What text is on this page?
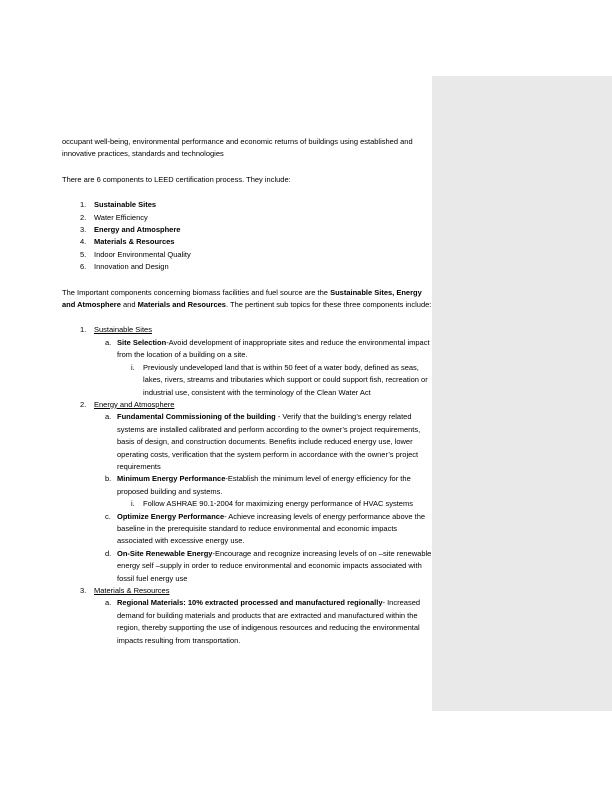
occupant well-being, environmental performance and economic returns of buildings using established and innovative practices, standards and technologies

There are 6 components to LEED certification process. They include:

1. Sustainable Sites
2. Water Efficiency
3. Energy and Atmosphere
4. Materials & Resources
5. Indoor Environmental Quality
6. Innovation and Design

The Important components concerning biomass facilities and fuel source are the Sustainable Sites, Energy and Atmosphere and Materials and Resources. The pertinent sub topics for these three components include:

1. Sustainable Sites
a. Site Selection-Avoid development of inappropriate sites and reduce the environmental impact from the location of a building on a site.
i. Previously undeveloped land that is within 50 feet of a water body, defined as seas, lakes, rivers, streams and tributaries which support or could support fish, recreation or industrial use, consistent with the terminology of the Clean Water Act
2. Energy and Atmosphere
a. Fundamental Commissioning of the building - Verify that the building’s energy related systems are installed calibrated and perform according to the owner’s project requirements, basis of design, and construction documents. Benefits include reduced energy use, lower operating costs, verification that the system perform in accordance with the owner’s project requirements
b. Minimum Energy Performance-Establish the minimum level of energy efficiency for the proposed building and systems.
i. Follow ASHRAE 90.1-2004 for maximizing energy performance of HVAC systems
c. Optimize Energy Performance- Achieve increasing levels of energy performance above the baseline in the prerequisite standard to reduce environmental and economic impacts associated with excessive energy use.
d. On-Site Renewable Energy-Encourage and recognize increasing levels of on –site renewable energy self –supply in order to reduce environmental and economic impacts associated with fossil fuel energy use
3. Materials & Resources
a. Regional Materials: 10% extracted processed and manufactured regionally- Increased demand for building materials and products that are extracted and manufactured within the region, thereby supporting the use of indigenous resources and reducing the environmental impacts resulting from transportation.
